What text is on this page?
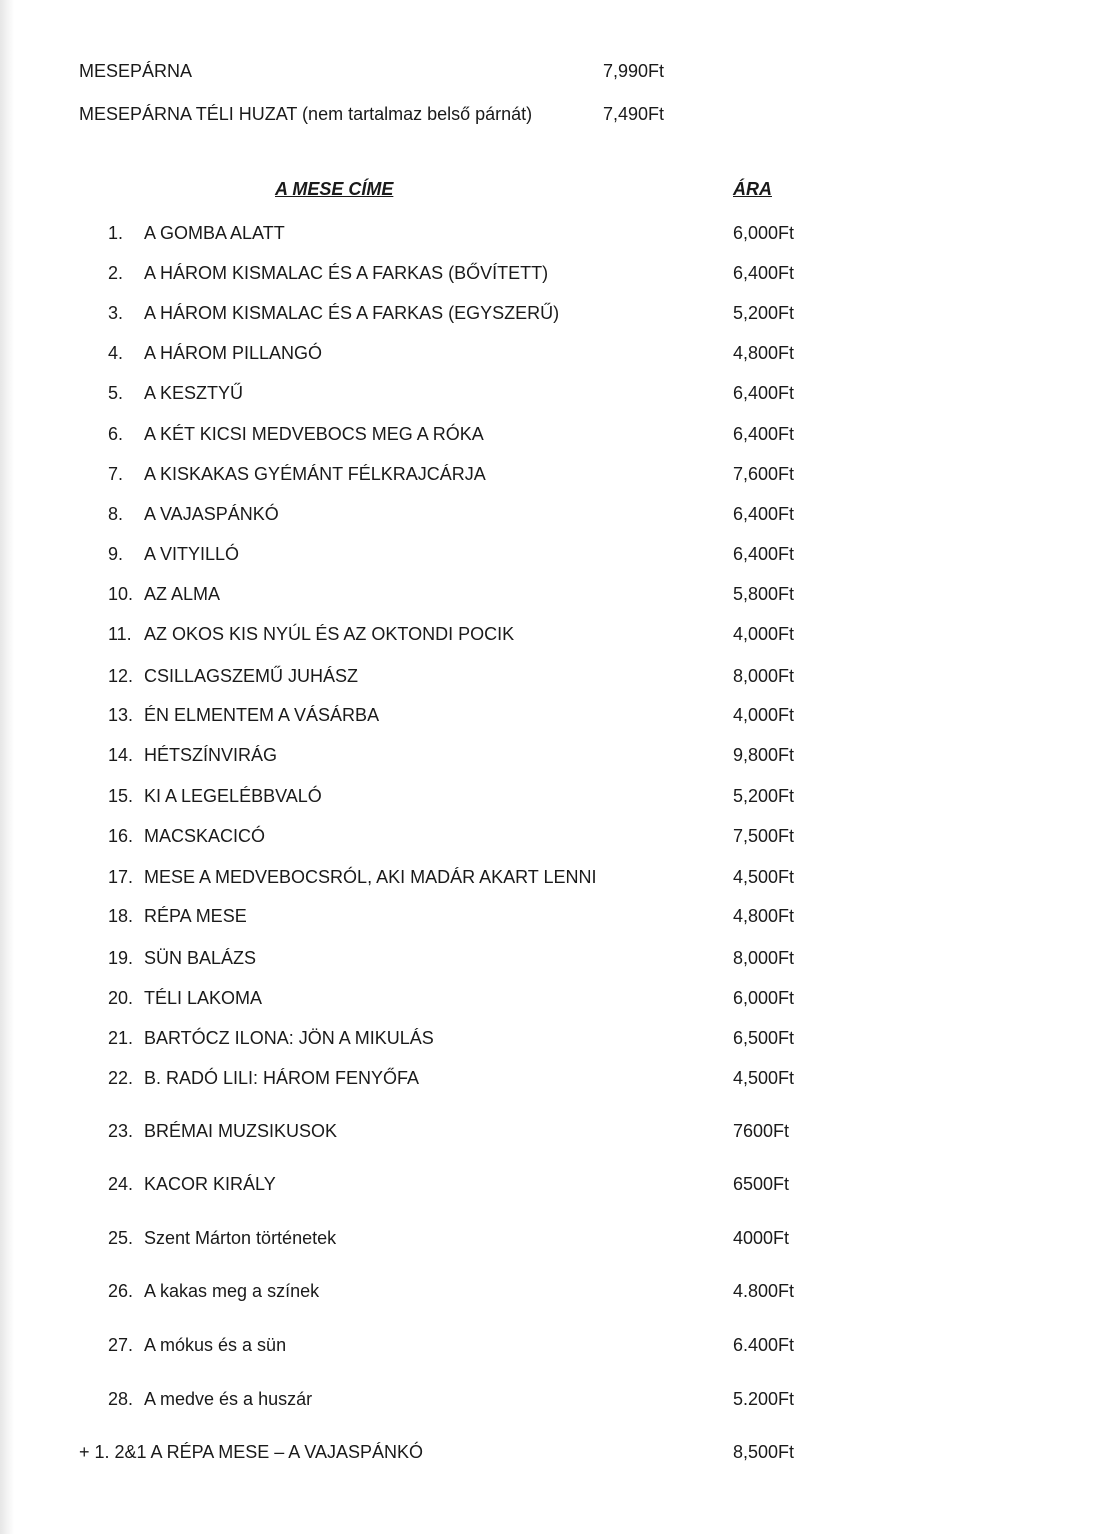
MESEPÁRNA	7,990Ft
MESEPÁRNA TÉLI HUZAT (nem tartalmaz belső párnát)	7,490Ft
A MESE CÍME	ÁRA
1. A GOMBA ALATT	6,000Ft
2. A HÁROM KISMALAC ÉS A FARKAS (BŐVÍTETT)	6,400Ft
3. A HÁROM KISMALAC ÉS A FARKAS (EGYSZERŰ)	5,200Ft
4. A HÁROM PILLANGÓ	4,800Ft
5. A KESZTYŰ	6,400Ft
6. A KÉT KICSI MEDVEBOCS MEG A RÓKA	6,400Ft
7. A KISKAKAS GYÉMÁNT FÉLKRAJCÁRJA	7,600Ft
8. A VAJASPÁNKÓ	6,400Ft
9. A VITYILLÓ	6,400Ft
10. AZ ALMA	5,800Ft
11. AZ OKOS KIS NYÚL ÉS AZ OKTONDI POCIK	4,000Ft
12. CSILLAGSZEMŰ JUHÁSZ	8,000Ft
13. ÉN ELMENTEM A VÁSÁRBA	4,000Ft
14. HÉTSZÍNVIRÁG	9,800Ft
15. KI A LEGELÉBBVALÓ	5,200Ft
16. MACSKACICÓ	7,500Ft
17. MESE A MEDVEBOCSRÓL, AKI MADÁR AKART LENNI	4,500Ft
18. RÉPA MESE	4,800Ft
19. SÜN BALÁZS	8,000Ft
20. TÉLI LAKOMA	6,000Ft
21. BARTÓCZ ILONA: JÖN A MIKULÁS	6,500Ft
22. B. RADÓ LILI: HÁROM FENYŐFA	4,500Ft
23. BRÉMAI MUZSIKUSOK	7600Ft
24. KACOR KIRÁLY	6500Ft
25. Szent Márton történetek	4000Ft
26. A kakas meg a színek	4.800Ft
27. A mókus és a sün	6.400Ft
28. A medve és a huszár	5.200Ft
+ 1. 2&1 A RÉPA MESE – A VAJASPÁNKÓ	8,500Ft
